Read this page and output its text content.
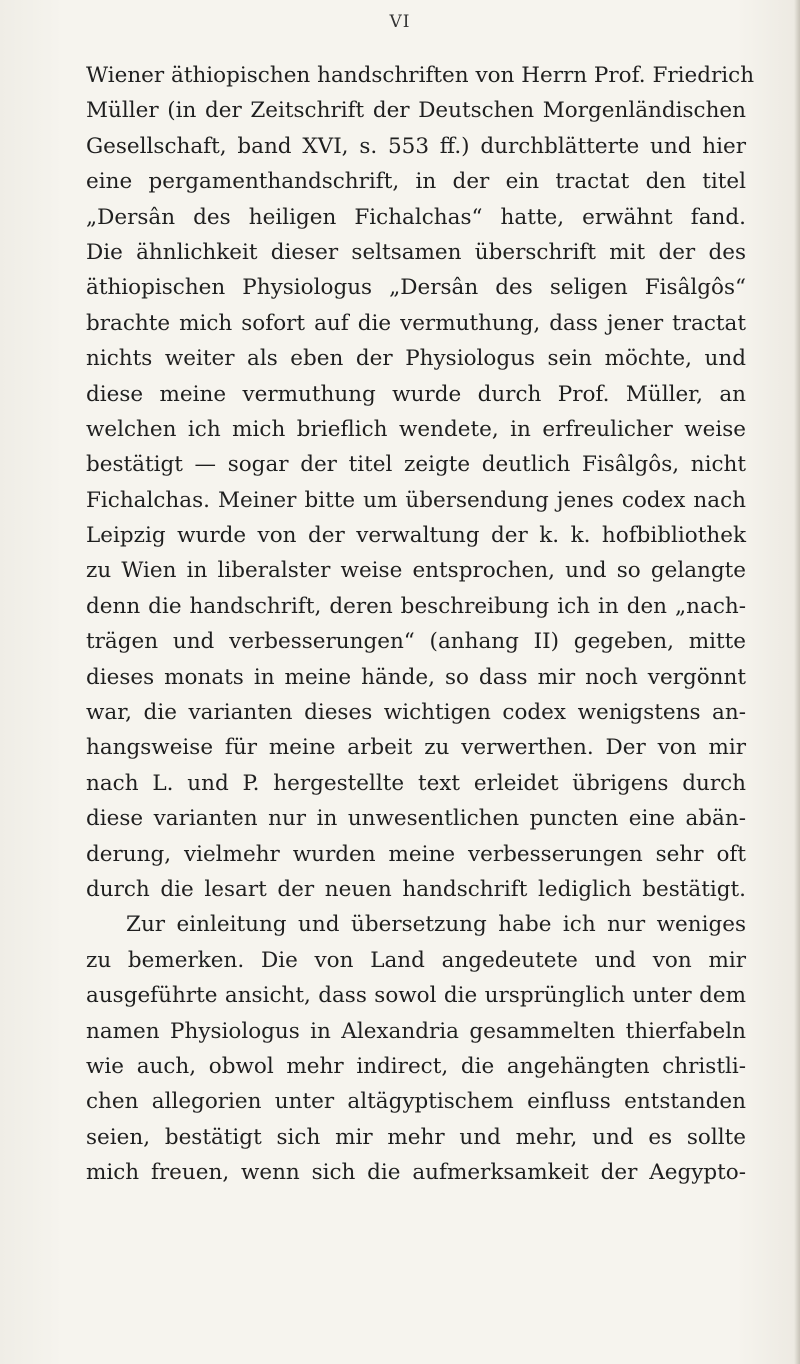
VI
Wiener äthiopischen handschriften von Herrn Prof. Friedrich
Müller (in der Zeitschrift der Deutschen Morgenländischen
Gesellschaft, band XVI, s. 553 ff.) durchblätterte und hier
eine pergamenthandschrift, in der ein tractat den titel
„Dersân des heiligen Fichalchas“ hatte, erwähnt fand.
Die ähnlichkeit dieser seltsamen überschrift mit der des
äthiopischen Physiologus „Dersân des seligen Fisâlgôs“
brachte mich sofort auf die vermuthung, dass jener tractat
nichts weiter als eben der Physiologus sein möchte, und
diese meine vermuthung wurde durch Prof. Müller, an
welchen ich mich brieflich wendete, in erfreulicher weise
bestätigt — sogar der titel zeigte deutlich Fisâlgôs, nicht
Fichalchas. Meiner bitte um übersendung jenes codex nach
Leipzig wurde von der verwaltung der k. k. hofbibliothek
zu Wien in liberalster weise entsprochen, und so gelangte
denn die handschrift, deren beschreibung ich in den „nach-
trägen und verbesserungen“ (anhang II) gegeben, mitte
dieses monats in meine hände, so dass mir noch vergönnt
war, die varianten dieses wichtigen codex wenigstens an-
hangsweise für meine arbeit zu verwerthen. Der von mir
nach L. und P. hergestellte text erleidet übrigens durch
diese varianten nur in unwesentlichen puncten eine abän-
derung, vielmehr wurden meine verbesserungen sehr oft
durch die lesart der neuen handschrift lediglich bestätigt.
Zur einleitung und übersetzung habe ich nur weniges
zu bemerken. Die von Land angedeutete und von mir
ausgeführte ansicht, dass sowol die ursprünglich unter dem
namen Physiologus in Alexandria gesammelten thierfabeln
wie auch, obwol mehr indirect, die angehängten christli-
chen allegorien unter altägyptischem einfluss entstanden
seien, bestätigt sich mir mehr und mehr, und es sollte
mich freuen, wenn sich die aufmerksamkeit der Aegypto-
